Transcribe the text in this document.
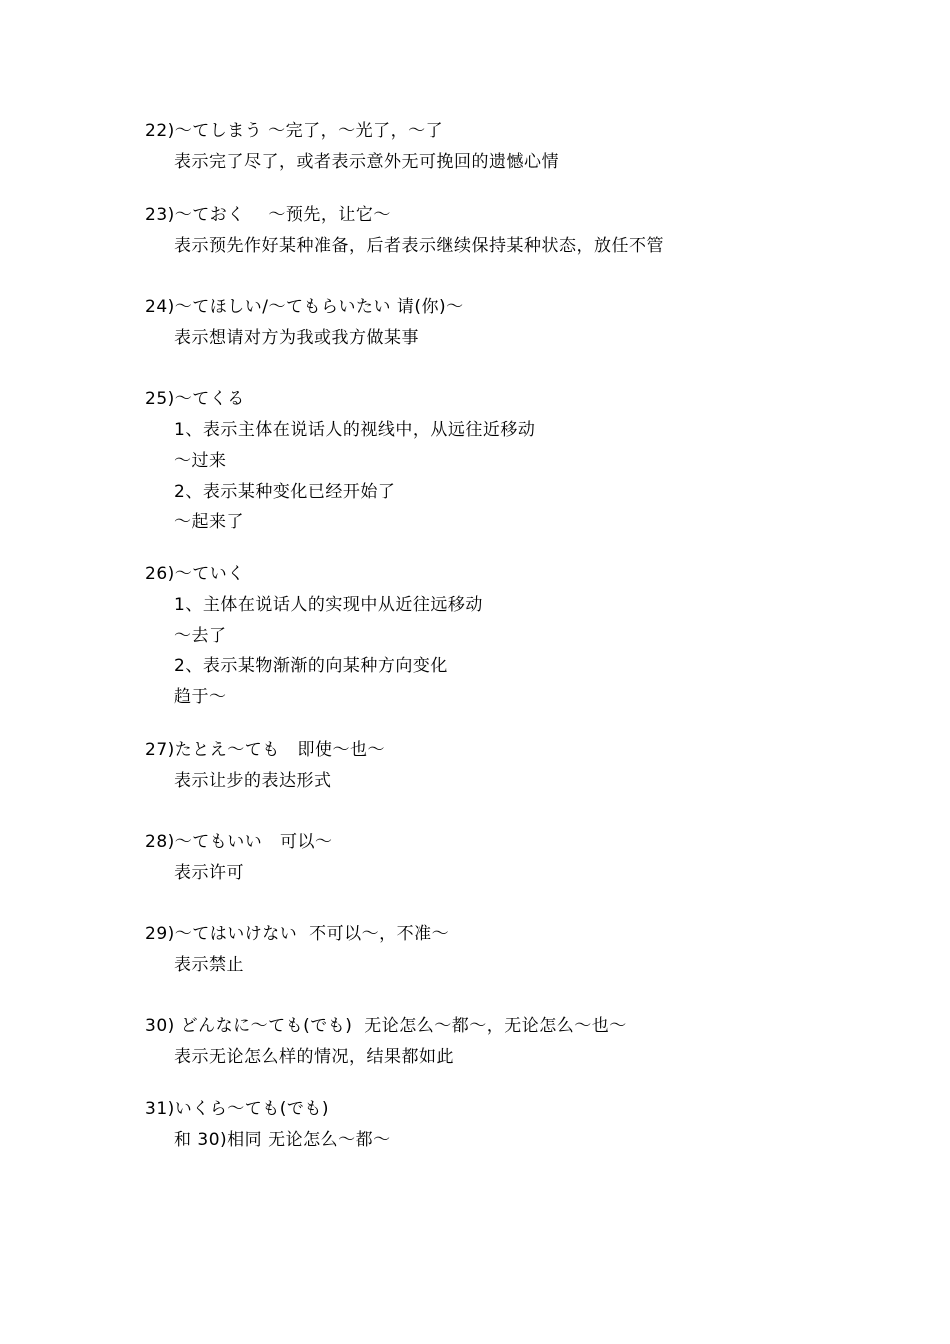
22)～てしまう ～完了，～光了，～了
表示完了尽了，或者表示意外无可挽回的遗憾心情
23)～ておく    ～预先，让它～
表示预先作好某种准备，后者表示继续保持某种状态，放任不管
24)～てほしい/～てもらいたい 请(你)～
表示想请对方为我或我方做某事
25)～てくる
1、表示主体在说话人的视线中，从远往近移动
～过来
2、表示某种变化已经开始了
～起来了
26)～ていく
1、主体在说话人的实现中从近往远移动
～去了
2、表示某物渐渐的向某种方向变化
趋于～
27)たとえ～ても   即使～也～
表示让步的表达形式
28)～てもいい   可以～
表示许可
29)～てはいけない  不可以～，不准～
表示禁止
30) どんなに～ても(でも)  无论怎么～都～，无论怎么～也～
表示无论怎么样的情况，结果都如此
31)いくら～ても(でも)
和 30)相同 无论怎么～都～
